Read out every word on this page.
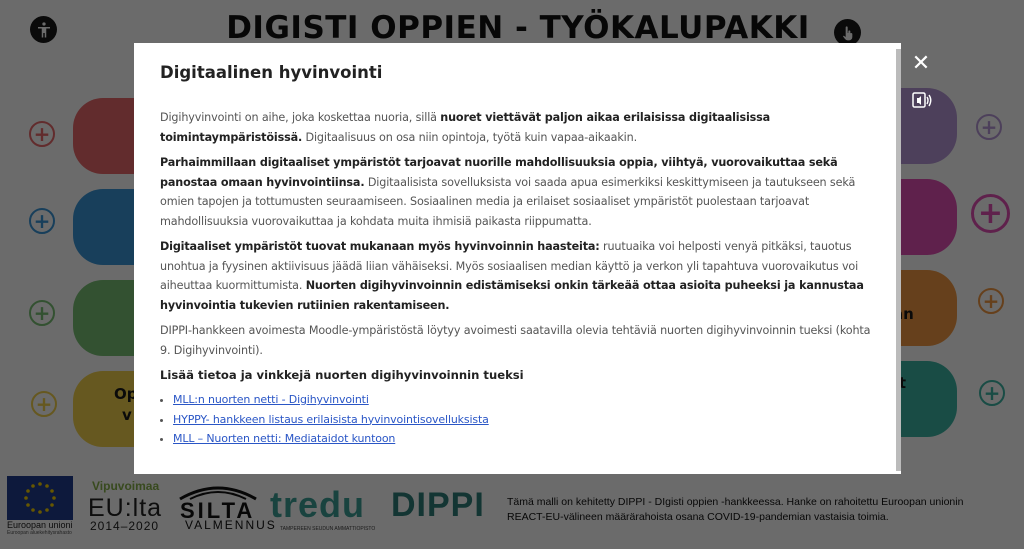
✕
Digitaalinen hyvinvointi

Digihyvinvointi on aihe, joka koskettaa nuoria, sillä nuoret viettävät paljon aikaa erilaisissa digitaalisissa toimintaympäristöissä. Digitaalisuus on osa niin opintoja, työtä kuin vapaa-aikaakin.

Parhaimmillaan digitaaliset ympäristöt tarjoavat nuorille mahdollisuuksia oppia, viihtyä, vuorovaikuttaa sekä panostaa omaan hyvinvointiinsa. Digitaalisista sovelluksista voi saada apua esimerkiksi keskittymiseen ja tautukseen sekä omien tapojen ja tottumusten seuraamiseen. Sosiaalinen media ja erilaiset sosiaaliset ympäristöt puolestaan tarjoavat mahdollisuuksia vuorovaikuttaa ja kohdata muita ihmisiä paikasta riippumatta.

Digitaaliset ympäristöt tuovat mukanaan myös hyvinvoinnin haasteita: ruutuaika voi helposti venyä pitkäksi, tauotus unohtua ja fyysinen aktiivisuus jäädä liian vähäiseksi. Myös sosiaalisen median käyttö ja verkon yli tapahtuva vuorovaikutus voi aiheuttaa kuormittumista. Nuorten digihyvinvoinnin edistämiseksi onkin tärkeää ottaa asioita puheeksi ja kannustaa hyvinvointia tukevien rutiinien rakentamiseen.

DIPPI-hankkeen avoimesta Moodle-ympäristöstä löytyy avoimesti saatavilla olevia tehtäviä nuorten digihyvinvoinnin tueksi (kohta 9. Digihyvinvointi).

Lisää tietoa ja vinkkejä nuorten digihyvinvoinnin tueksi
• MLL:n nuorten netti - Digihyvinvointi
• HYPPY- hankkeen listaus erilaisista hyvinvointisovelluksista
• MLL – Nuorten netti: Mediataidot kuntoon
